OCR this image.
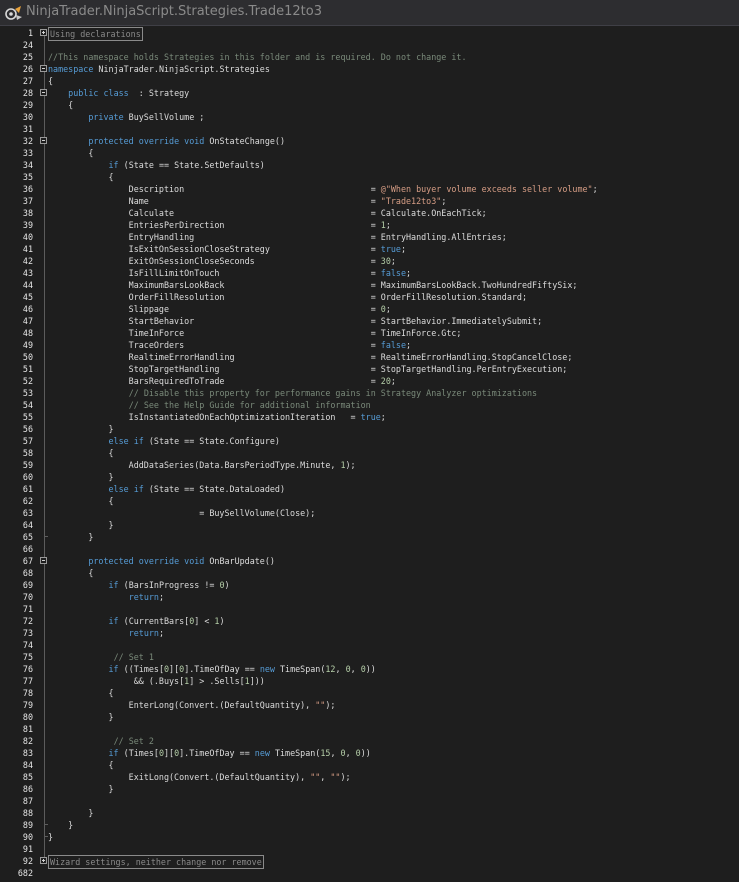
NinjaTrader.NinjaScript.Strategies.Trade12to3
1 Using declarations
24
25 //This namespace holds Strategies in this folder and is required. Do not change it.
26 namespace NinjaTrader.NinjaScript.Strategies
27 {
28	public class  : Strategy
29 {
30	private BuySellVolume ;
31
32	protected override void OnStateChange()
33 {
34	if (State == State.SetDefaults)
35 {
36 Description                                     = @"When buyer volume exceeds seller volume";
37 Name                                            = "Trade12to3";
38 Calculate                                       = Calculate.OnEachTick;
39 EntriesPerDirection                             = 1;
40 EntryHandling                                   = EntryHandling.AllEntries;
41 IsExitOnSessionCloseStrategy                    = true;
42 ExitOnSessionCloseSeconds                       = 30;
43 IsFillLimitOnTouch                              = false;
44 MaximumBarsLookBack                             = MaximumBarsLookBack.TwoHundredFiftySix;
45 OrderFillResolution                             = OrderFillResolution.Standard;
46 Slippage                                        = 0;
47 StartBehavior                                   = StartBehavior.ImmediatelySubmit;
48 TimeInForce                                     = TimeInForce.Gtc;
49 TraceOrders                                     = false;
50 RealtimeErrorHandling                           = RealtimeErrorHandling.StopCancelClose;
51 StopTargetHandling                              = StopTargetHandling.PerEntryExecution;
52 BarsRequiredToTrade                             = 20;
53	// Disable this property for performance gains in Strategy Analyzer optimizations
54	// See the Help Guide for additional information
55 IsInstantiatedOnEachOptimizationIteration   = true;
56 }
57	else if (State == State.Configure)
58 {
59 AddDataSeries(Data.BarsPeriodType.Minute, 1);
60 }
61	else if (State == State.DataLoaded)
62 {
63 = BuySellVolume(Close);
64 }
65 }
66
67	protected override void OnBarUpdate()
68 {
69	if (BarsInProgress != 0)
70	return;
71
72	if (CurrentBars[0] < 1)
73	return;
74
75	// Set 1
76	if ((Times[0][0].TimeOfDay == new TimeSpan(12, 0, 0))
77 && (.Buys[1] > .Sells[1]))
78 {
79 EnterLong(Convert.(DefaultQuantity), "");
80 }
81
82	// Set 2
83	if (Times[0][0].TimeOfDay == new TimeSpan(15, 0, 0))
84 {
85 ExitLong(Convert.(DefaultQuantity), "", "");
86 }
87
88 }
89 }
90 }
91
92 Wizard settings, neither change nor remove
682
